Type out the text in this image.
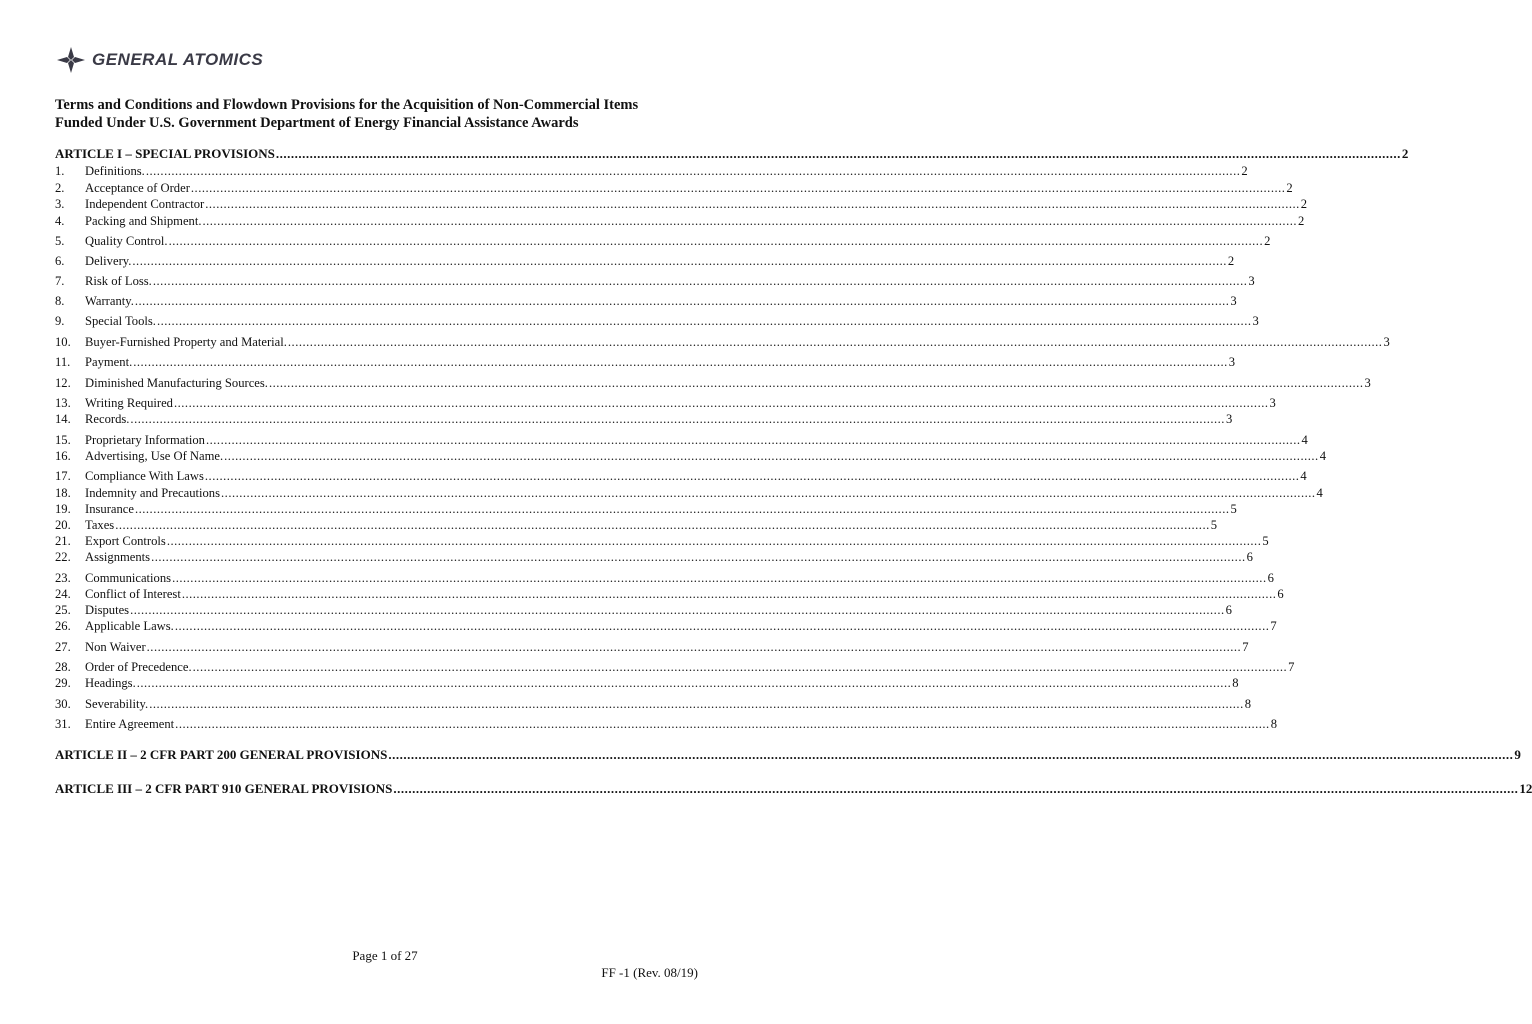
GENERAL ATOMICS
Terms and Conditions and Flowdown Provisions for the Acquisition of Non-Commercial Items
Funded Under U.S. Government Department of Energy Financial Assistance Awards
ARTICLE I – SPECIAL PROVISIONS ............................................................................................................................................................................................................................................................................................................ 2
1.	Definitions. ............................................................................................................................................................................................................................................................................................................ 2
2.	Acceptance of Order ............................................................................................................................................................................................................................................................................................................ 2
3.	Independent Contractor ............................................................................................................................................................................................................................................................................................................ 2
4.	Packing and Shipment. ............................................................................................................................................................................................................................................................................................................ 2
5.	Quality Control. ............................................................................................................................................................................................................................................................................................................ 2
6.	Delivery. ............................................................................................................................................................................................................................................................................................................ 2
7.	Risk of Loss. ............................................................................................................................................................................................................................................................................................................ 3
8.	Warranty. ............................................................................................................................................................................................................................................................................................................ 3
9.	Special Tools. ............................................................................................................................................................................................................................................................................................................ 3
10.	Buyer-Furnished Property and Material. ............................................................................................................................................................................................................................................................................................................ 3
11.	Payment. ............................................................................................................................................................................................................................................................................................................ 3
12.	Diminished Manufacturing Sources. ............................................................................................................................................................................................................................................................................................................ 3
13.	Writing Required ............................................................................................................................................................................................................................................................................................................ 3
14.	Records. ............................................................................................................................................................................................................................................................................................................ 3
15.	Proprietary Information ............................................................................................................................................................................................................................................................................................................ 4
16.	Advertising, Use Of Name. ............................................................................................................................................................................................................................................................................................................ 4
17.	Compliance With Laws ............................................................................................................................................................................................................................................................................................................ 4
18.	Indemnity and Precautions ............................................................................................................................................................................................................................................................................................................ 4
19.	Insurance ............................................................................................................................................................................................................................................................................................................ 5
20.	Taxes ............................................................................................................................................................................................................................................................................................................ 5
21.	Export Controls ............................................................................................................................................................................................................................................................................................................ 5
22.	Assignments ............................................................................................................................................................................................................................................................................................................ 6
23.	Communications ............................................................................................................................................................................................................................................................................................................ 6
24.	Conflict of Interest ............................................................................................................................................................................................................................................................................................................ 6
25.	Disputes ............................................................................................................................................................................................................................................................................................................ 6
26.	Applicable Laws. ............................................................................................................................................................................................................................................................................................................ 7
27.	Non Waiver ............................................................................................................................................................................................................................................................................................................ 7
28.	Order of Precedence. ............................................................................................................................................................................................................................................................................................................ 7
29.	Headings. ............................................................................................................................................................................................................................................................................................................ 8
30.	Severability. ............................................................................................................................................................................................................................................................................................................ 8
31.	Entire Agreement ............................................................................................................................................................................................................................................................................................................ 8
ARTICLE II – 2 CFR PART 200 GENERAL PROVISIONS ............................................................................................................................................................................................................................................................................................................ 9
ARTICLE III – 2 CFR PART 910 GENERAL PROVISIONS ............................................................................................................................................................................................................................................................................................................ 12
Page 1 of 27
FF -1 (Rev. 08/19)
